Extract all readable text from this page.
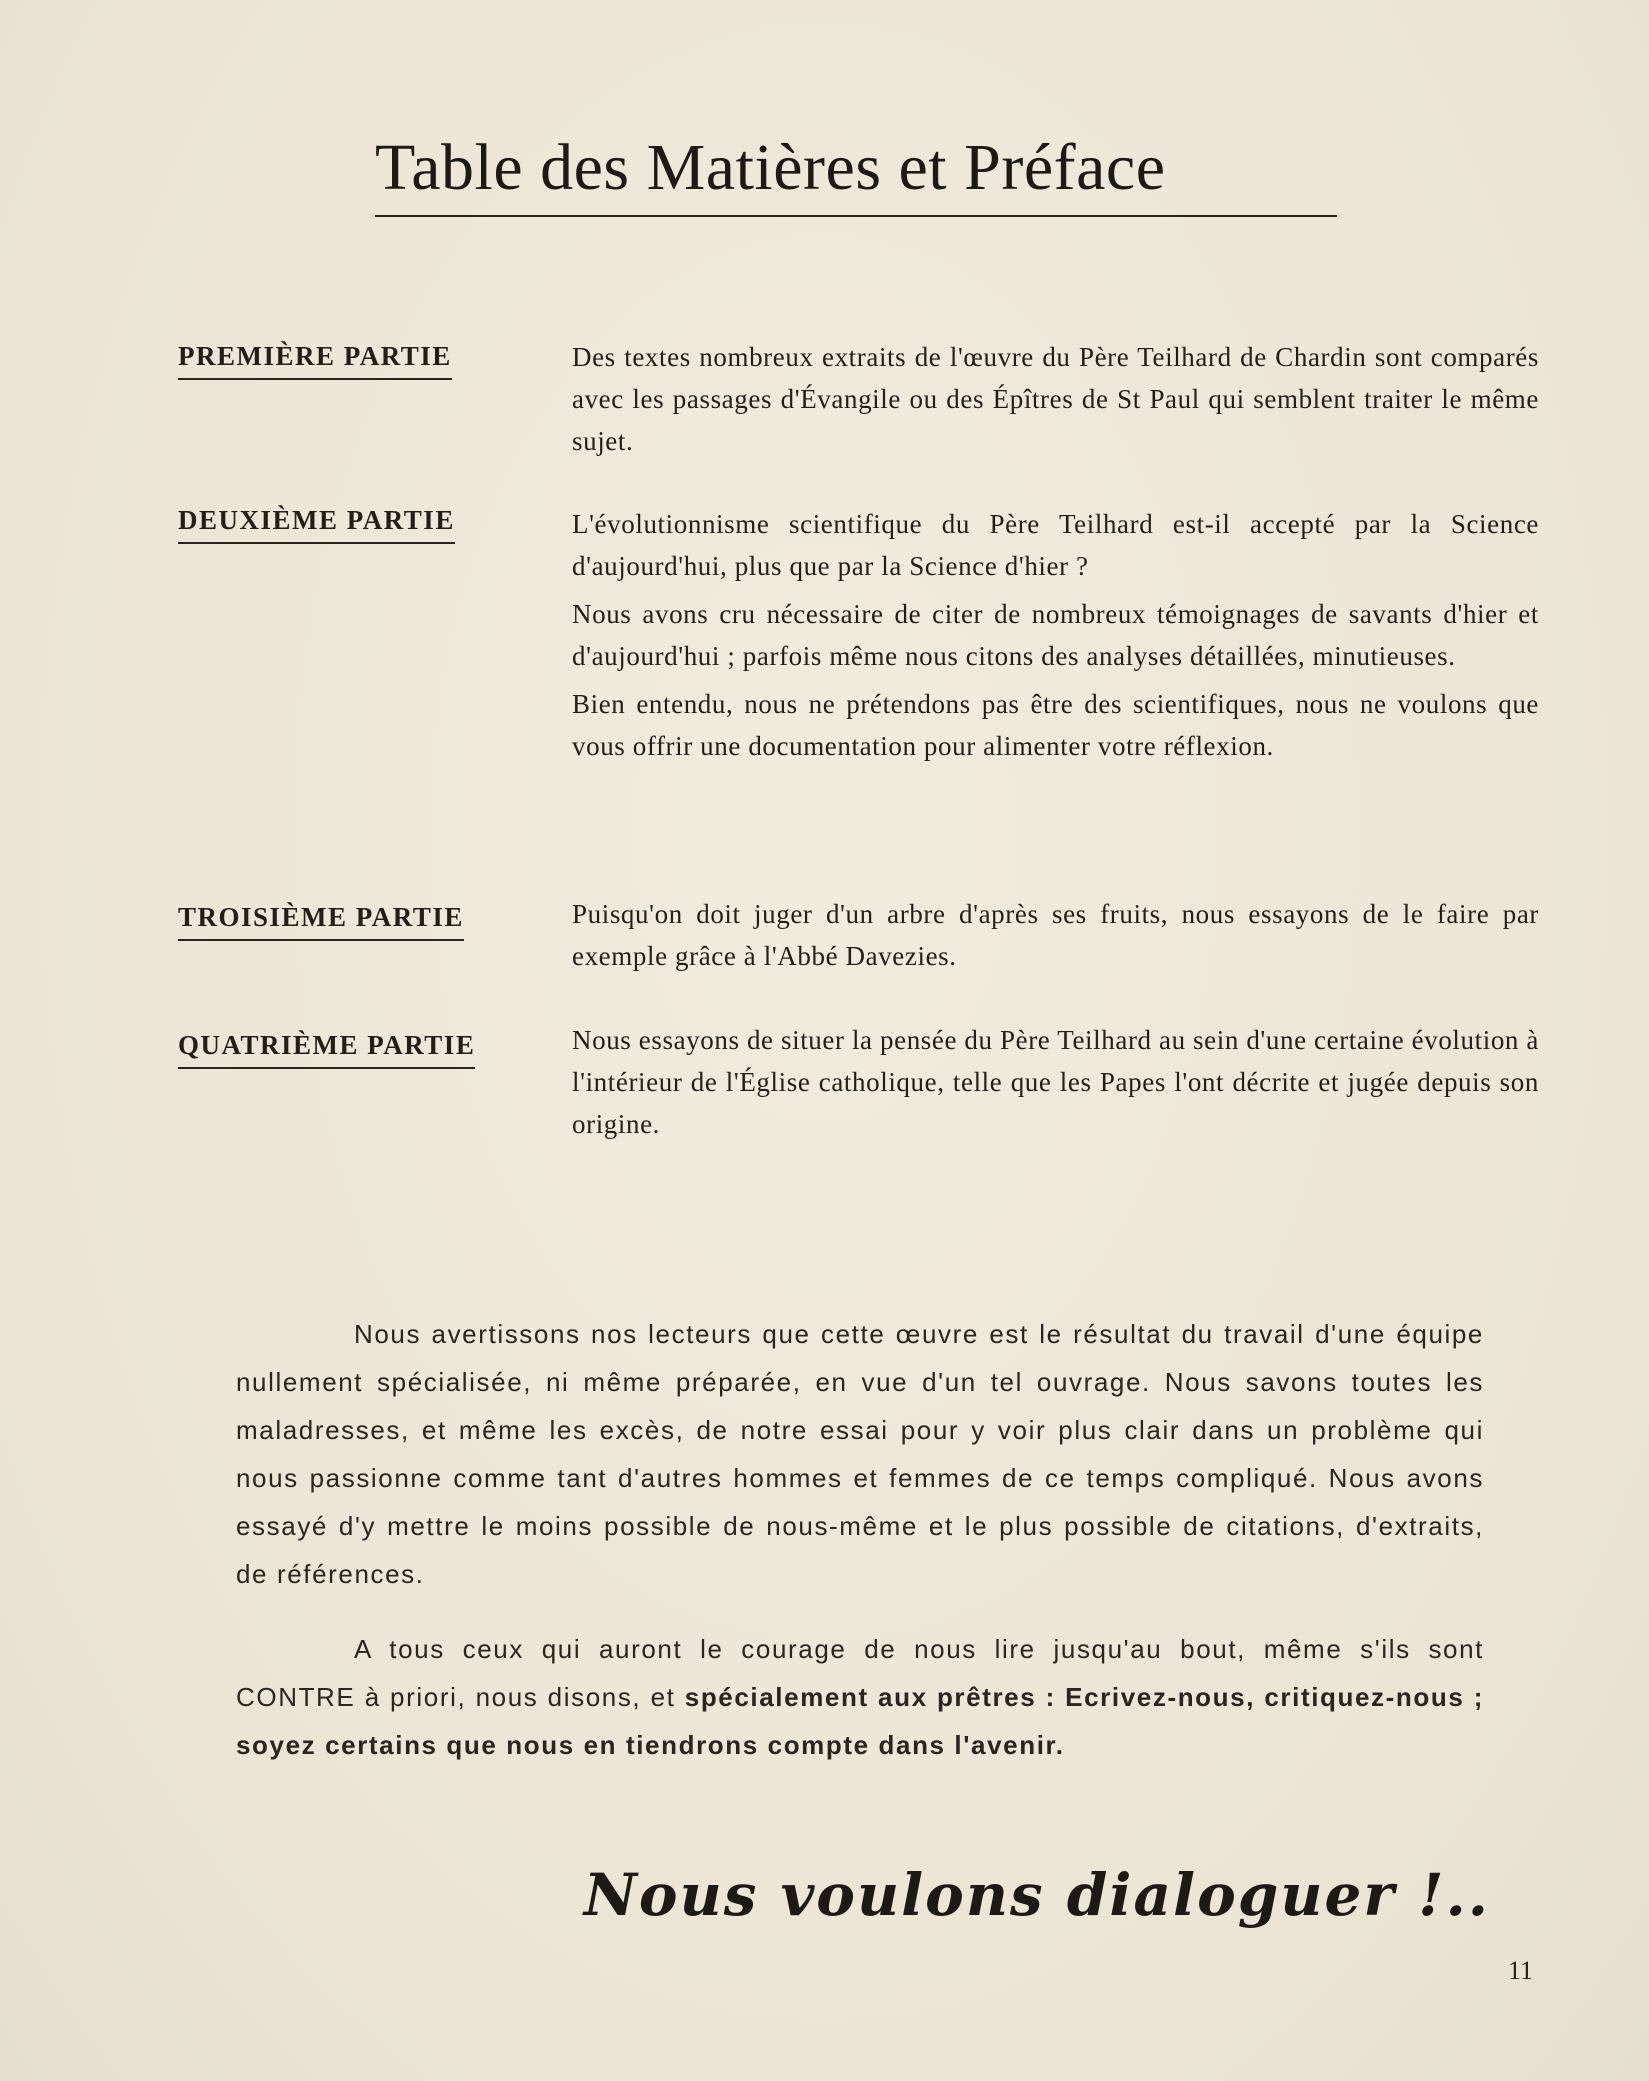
Table des Matières et Préface
PREMIÈRE PARTIE	Des textes nombreux extraits de l'œuvre du Père Teilhard de Chardin sont comparés avec les passages d'Évangile ou des Épîtres de St Paul qui semblent traiter le même sujet.

DEUXIÈME PARTIE	L'évolutionnisme scientifique du Père Teilhard est-il accepté par la Science d'aujourd'hui, plus que par la Science d'hier ?

Nous avons cru nécessaire de citer de nombreux témoignages de savants d'hier et d'aujourd'hui ; parfois même nous citons des analyses détaillées, minutieuses.

Bien entendu, nous ne prétendons pas être des scientifiques, nous ne voulons que vous offrir une documentation pour alimenter votre réflexion.

TROISIÈME PARTIE	Puisqu'on doit juger d'un arbre d'après ses fruits, nous essayons de le faire par exemple grâce à l'Abbé Davezies.

QUATRIÈME PARTIE	Nous essayons de situer la pensée du Père Teilhard au sein d'une certaine évolution à l'intérieur de l'Église catholique, telle que les Papes l'ont décrite et jugée depuis son origine.

Nous avertissons nos lecteurs que cette œuvre est le résultat du travail d'une équipe nullement spécialisée, ni même préparée, en vue d'un tel ouvrage. Nous savons toutes les maladresses, et même les excès, de notre essai pour y voir plus clair dans un problème qui nous passionne comme tant d'autres hommes et femmes de ce temps compliqué. Nous avons essayé d'y mettre le moins possible de nous-même et le plus possible de citations, d'extraits, de références.

A tous ceux qui auront le courage de nous lire jusqu'au bout, même s'ils sont CONTRE à priori, nous disons, et spécialement aux prêtres : Ecrivez-nous, critiquez-nous ; soyez certains que nous en tiendrons compte dans l'avenir.

Nous voulons dialoguer !..
11
